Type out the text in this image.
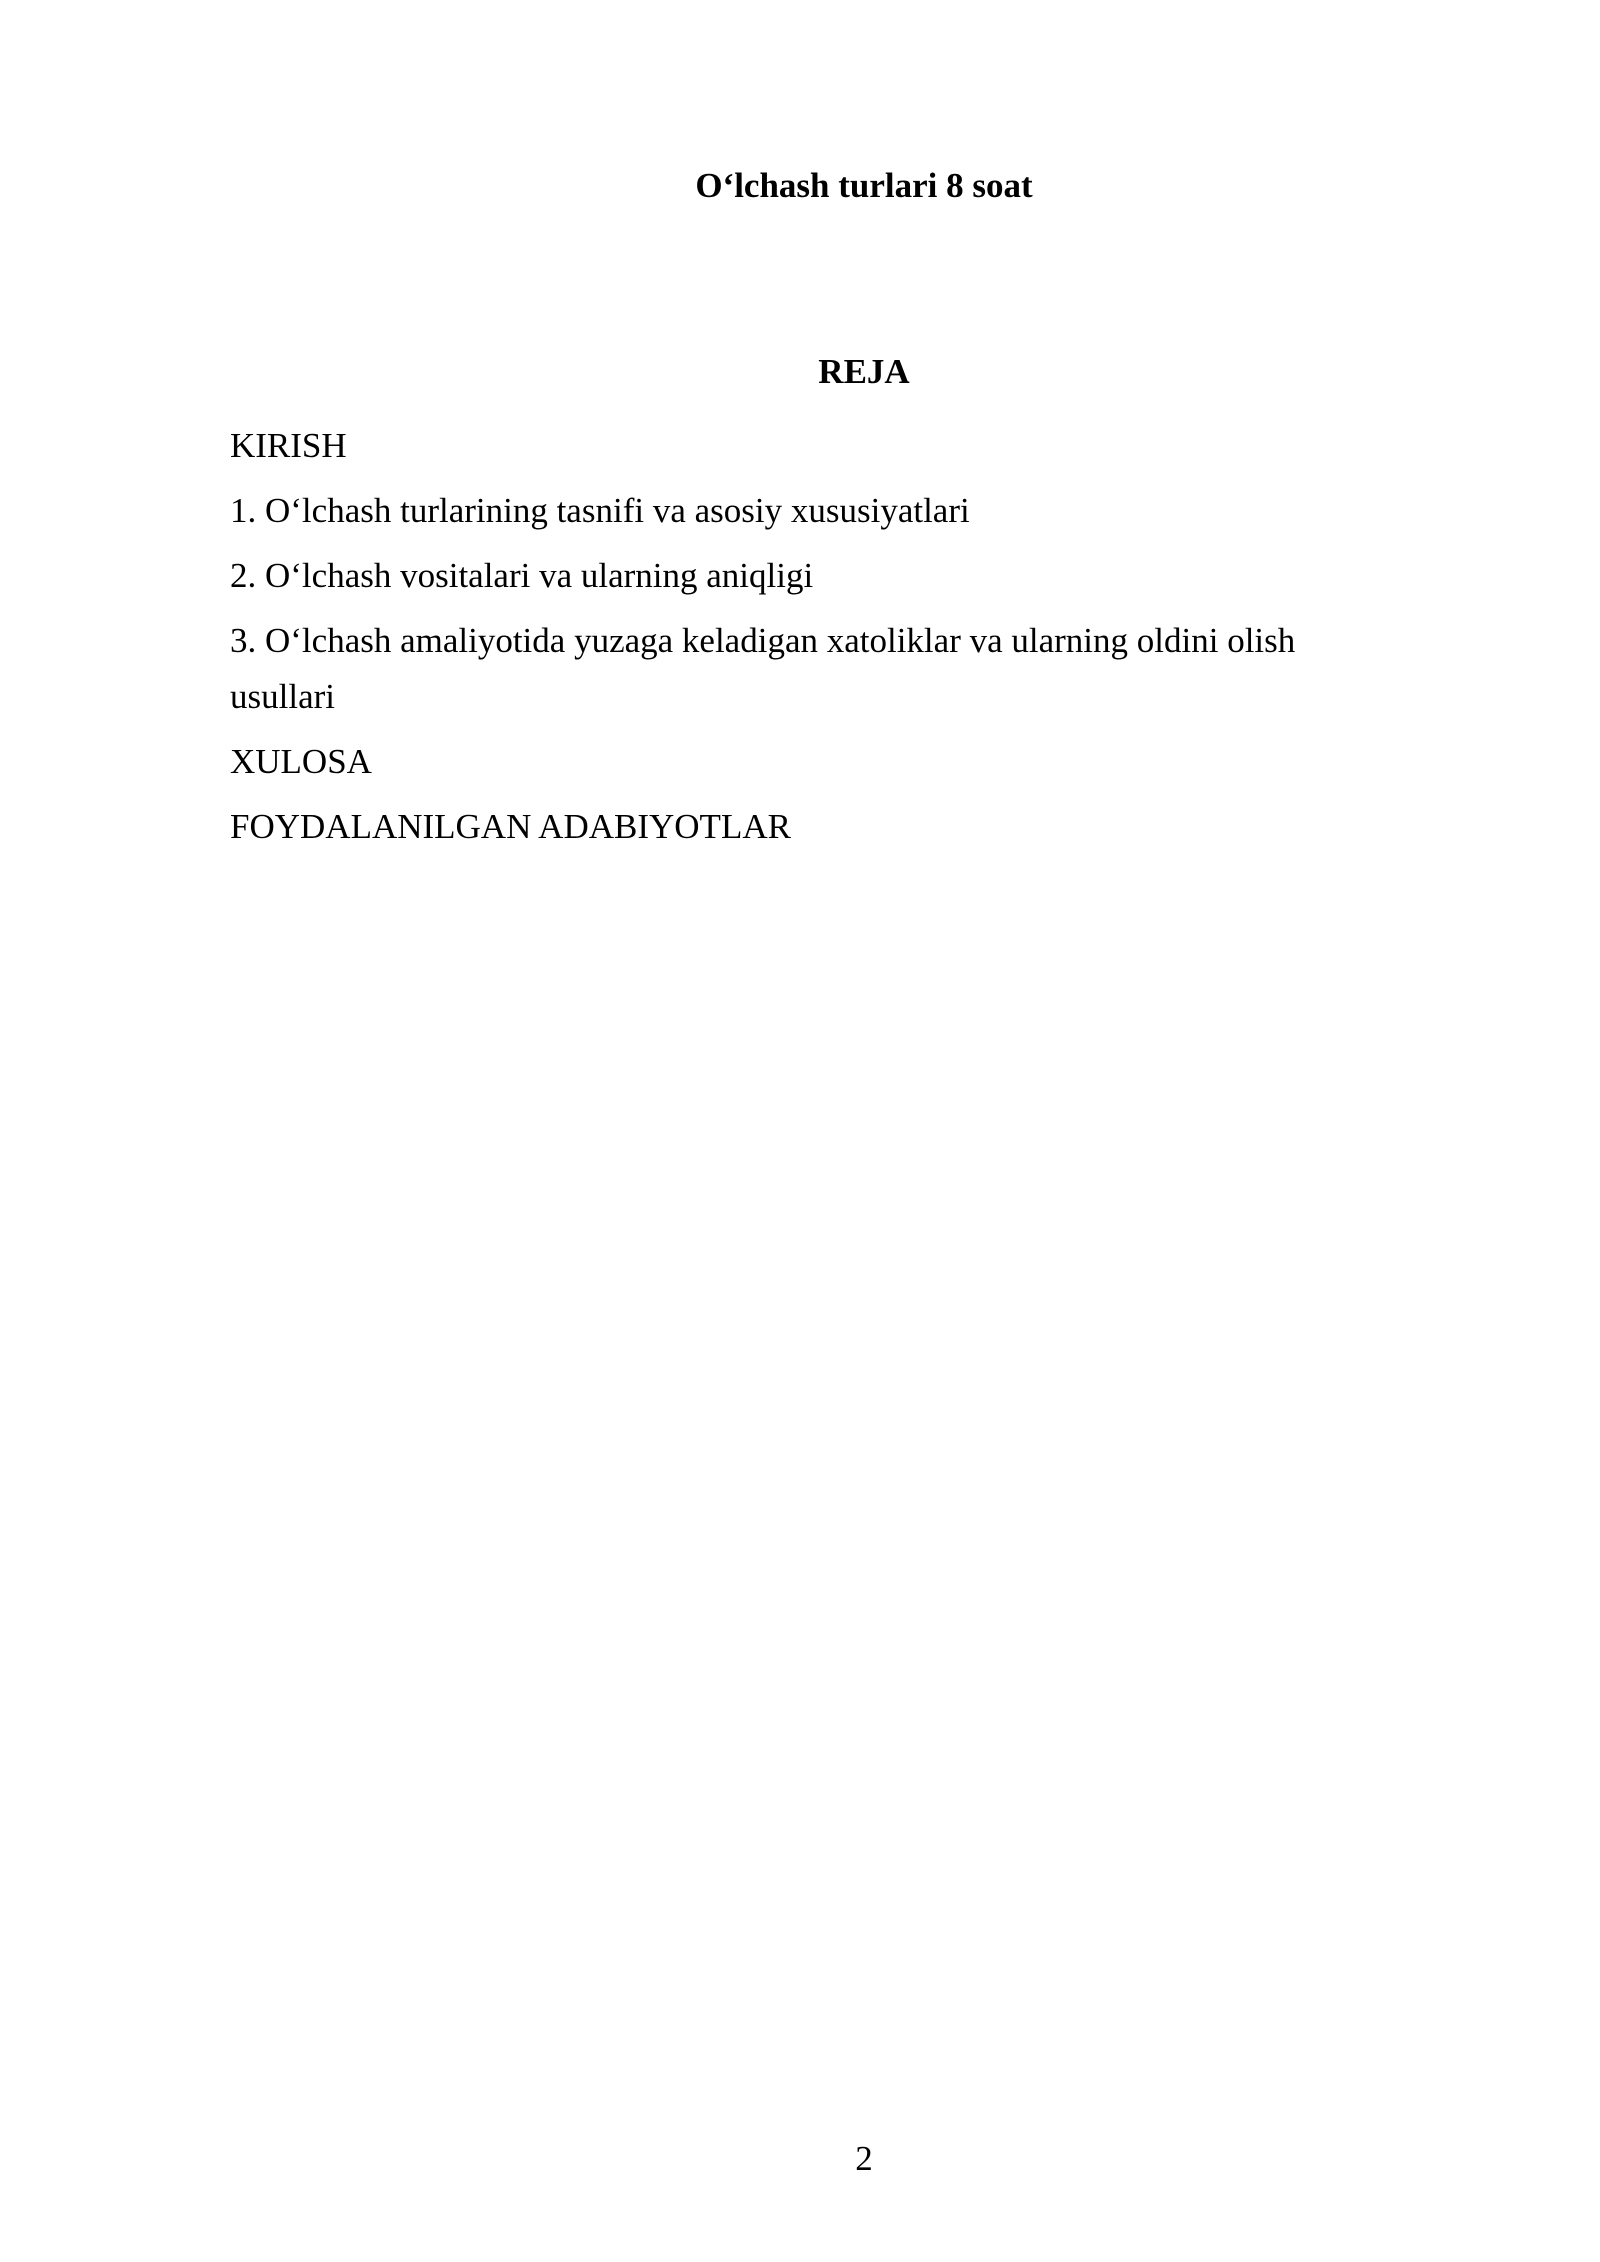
O‘lchash turlari 8 soat
REJA
KIRISH
1. O‘lchash turlarining tasnifi va asosiy xususiyatlari
2. O‘lchash vositalari va ularning aniqligi
3. O‘lchash amaliyotida yuzaga keladigan xatoliklar va ularning oldini olish usullari
XULOSA
FOYDALANILGAN ADABIYOTLAR
2
